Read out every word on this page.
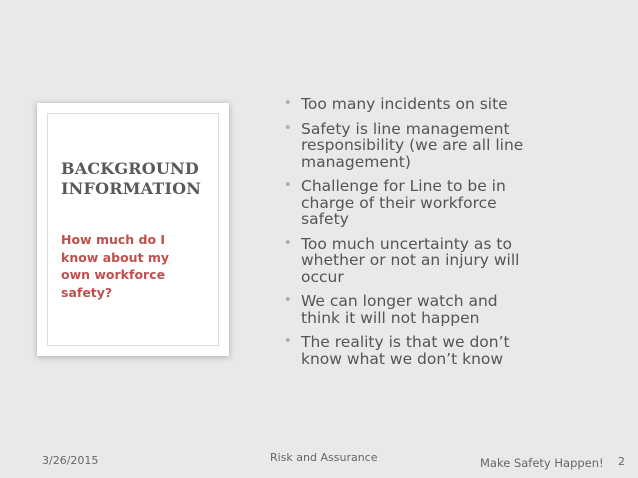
BACKGROUND
INFORMATION

How much do I
know about my
own workforce
safety?

• Too many incidents on site
• Safety is line management
responsibility (we are all line
management)
• Challenge for Line to be in
charge of their workforce
safety
• Too much uncertainty as to
whether or not an injury will
occur
• We can longer watch and
think it will not happen
• The reality is that we don’t
know what we don’t know
3/26/2015	Risk and Assurance	Make Safety Happen! 2
